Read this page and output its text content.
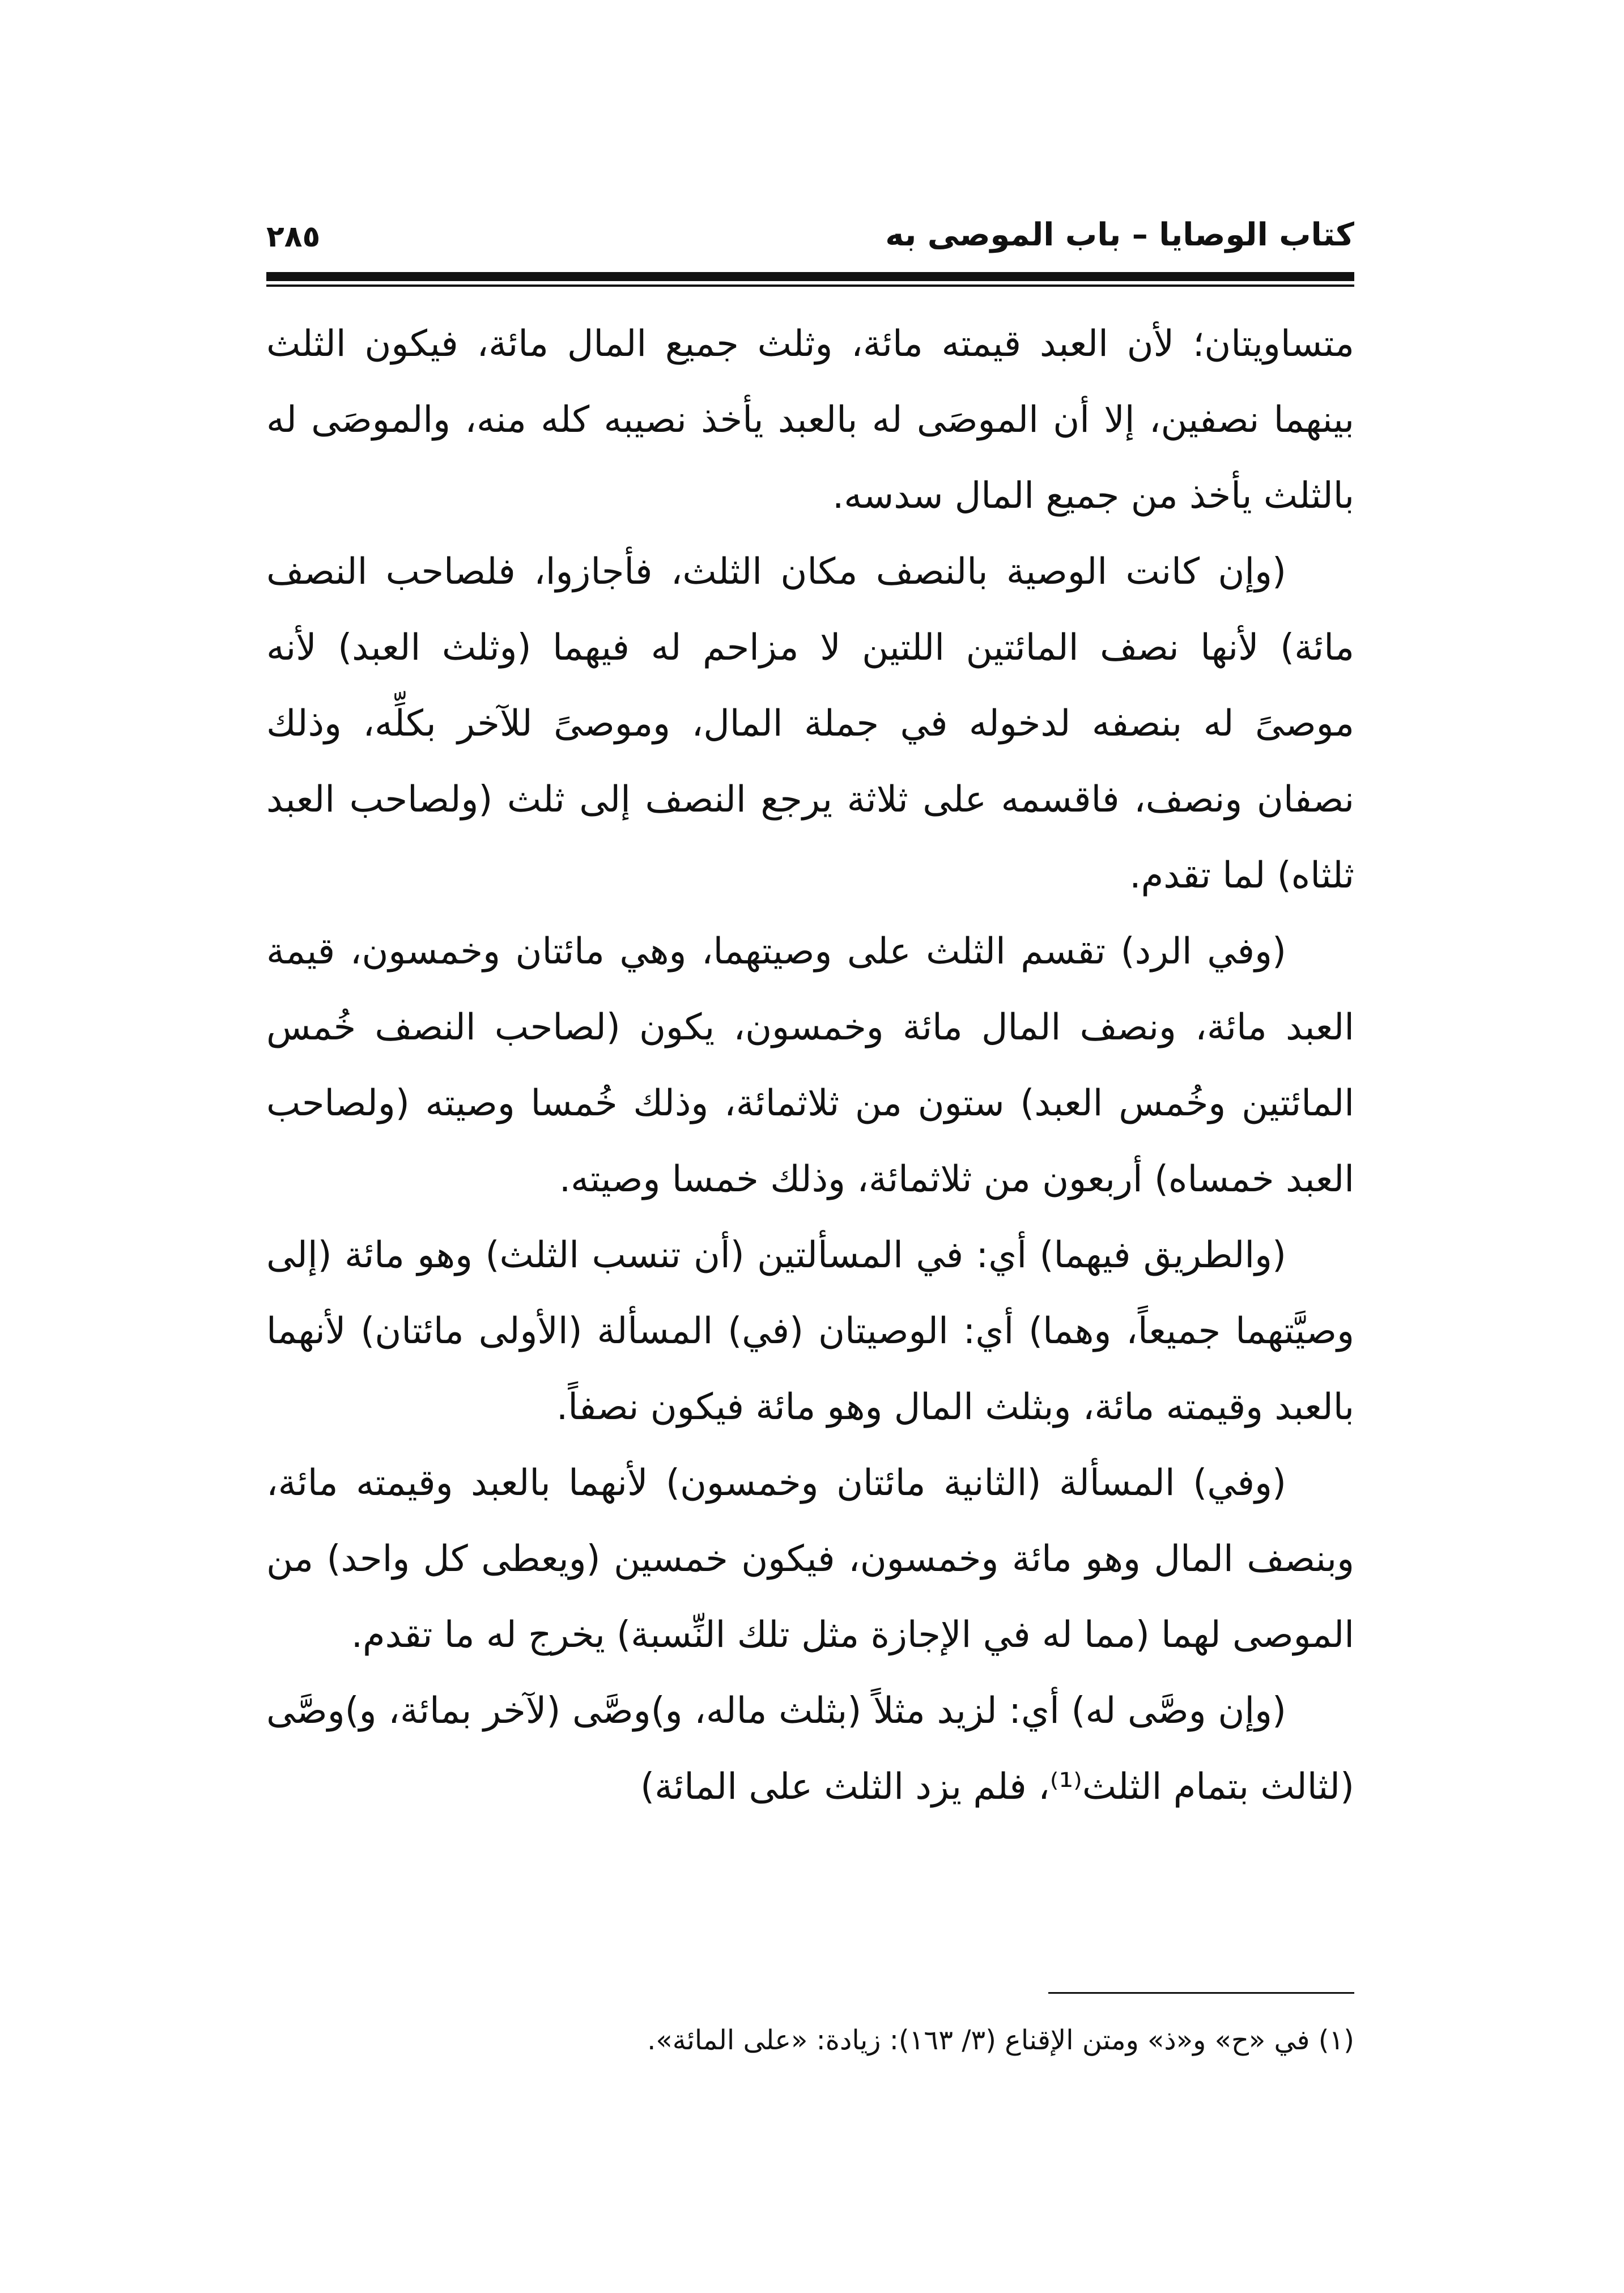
كتاب الوصايا – باب الموصى به
٢٨٥

متساويتان؛ لأن العبد قيمته مائة، وثلث جميع المال مائة، فيكون الثلث بينهما نصفين، إلا أن الموصَى له بالعبد يأخذ نصيبه كله منه، والموصَى له بالثلث يأخذ من جميع المال سدسه.

(وإن كانت الوصية بالنصف مكان الثلث، فأجازوا، فلصاحب النصف مائة) لأنها نصف المائتين اللتين لا مزاحم له فيهما (وثلث العبد) لأنه موصىً له بنصفه لدخوله في جملة المال، وموصىً للآخر بكلِّه، وذلك نصفان ونصف، فاقسمه على ثلاثة يرجع النصف إلى ثلث (ولصاحب العبد ثلثاه) لما تقدم.

(وفي الرد) تقسم الثلث على وصيتهما، وهي مائتان وخمسون، قيمة العبد مائة، ونصف المال مائة وخمسون، يكون (لصاحب النصف خُمس المائتين وخُمس العبد) ستون من ثلاثمائة، وذلك خُمسا وصيته (ولصاحب العبد خمساه) أربعون من ثلاثمائة، وذلك خمسا وصيته.

(والطريق فيهما) أي: في المسألتين (أن تنسب الثلث) وهو مائة (إلى وصيَّتهما جميعاً، وهما) أي: الوصيتان (في) المسألة (الأولى مائتان) لأنهما بالعبد وقيمته مائة، وبثلث المال وهو مائة فيكون نصفاً.

(وفي) المسألة (الثانية مائتان وخمسون) لأنهما بالعبد وقيمته مائة، وبنصف المال وهو مائة وخمسون، فيكون خمسين (ويعطى كل واحد) من الموصى لهما (مما له في الإجازة مثل تلك النِّسبة) يخرج له ما تقدم.

(وإن وصَّى له) أي: لزيد مثلاً (بثلث ماله، و)وصَّى (لآخر بمائة، و)وصَّى (لثالث بتمام الثلث⁽¹⁾، فلم يزد الثلث على المائة)

(١) في «ح» و«ذ» ومتن الإقناع (٣/ ١٦٣): زيادة: «على المائة».
